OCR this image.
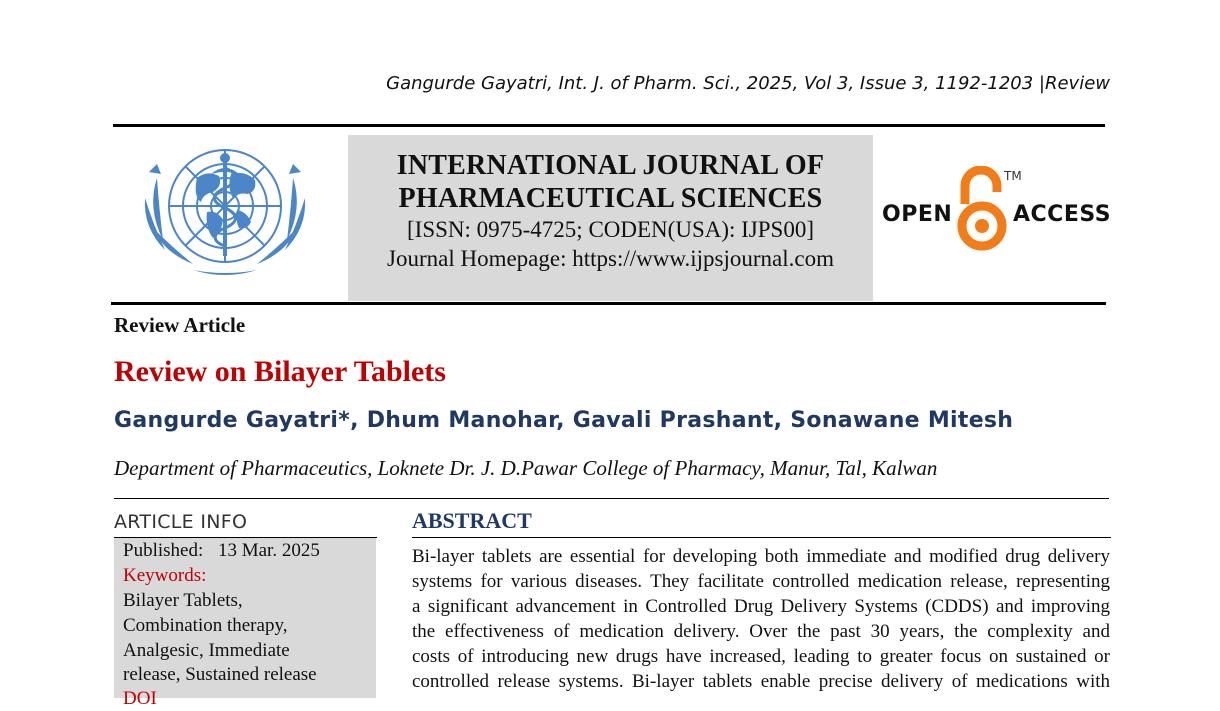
Gangurde Gayatri, Int. J. of Pharm. Sci., 2025, Vol 3, Issue 3, 1192-1203 |Review
INTERNATIONAL JOURNAL OF
PHARMACEUTICAL SCIENCES
[ISSN: 0975-4725; CODEN(USA): IJPS00]
Journal Homepage: https://www.ijpsjournal.com
OPEN
TM
ACCESS
Review Article
Review on Bilayer Tablets
Gangurde Gayatri*, Dhum Manohar, Gavali Prashant, Sonawane Mitesh
Department of Pharmaceutics, Loknete Dr. J. D.Pawar College of Pharmacy, Manur, Tal, Kalwan
ARTICLE INFO
Published: 13 Mar. 2025
Keywords:
Bilayer Tablets,
Combination therapy,
Analgesic, Immediate
release, Sustained release
DOI
ABSTRACT
Bi-layer tablets are essential for developing both immediate and modified drug delivery
systems for various diseases. They facilitate controlled medication release, representing
a significant advancement in Controlled Drug Delivery Systems (CDDS) and improving
the effectiveness of medication delivery. Over the past 30 years, the complexity and
costs of introducing new drugs have increased, leading to greater focus on sustained or
controlled release systems. Bi-layer tablets enable precise delivery of medications with
